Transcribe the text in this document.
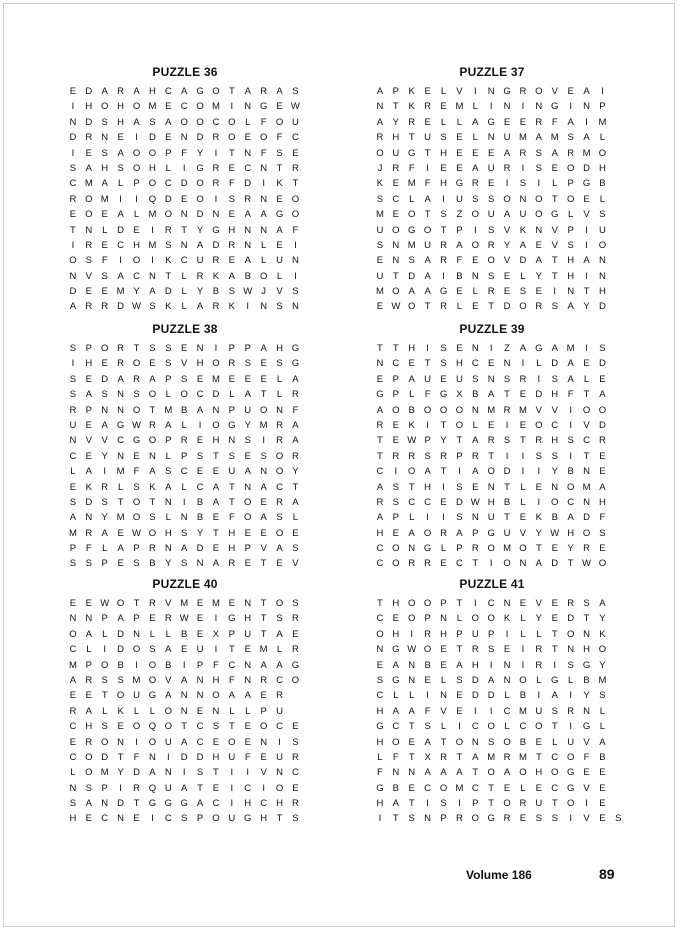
PUZZLE 36
E D A R A H C A G O T	A R A	S
I	H O H O M E C O M	I	N G E W
N D S H A	S	A O O C O	L	F O U
D R N E	I	D E N D R O E O F	C
I	E	S	A O O P	F	Y	I	T	N	F	S	E
S	A H S O H	L	I	G R E C N	T	R
C M A	L	P O C D O R	F	D	I	K	T
R O M	I	I	Q D E O	I	S R N E O
E O E	A	L M O N D N E	A	A G O
T	N	L	D E	I	R	T	Y G H N N A	F
I	R E C H M S N A D R N	L	E	I
O S	F	I	O	I	K C U R E	A	L	U N
N V	S	A C N	T	L	R K	A	B O	L	I
D E	E M Y	A D	L	Y	B	S W J	V	S
A R R D W S	K	L	A R K	I	N S N
PUZZLE 37
A	P	K	E	L	V	I	N G R O V	E	A	I
N	T	K R E M L	I	N	I	N G	I	N P
A	Y R E	L	L	A G E	E R	F	A	I	M
R H	T	U S	E	L	N U M A M S	A	L
O U G T	H E	E	E	A R S	A R M O
J	R	F	I	E	E	A U R	I	S	E O D H
K	E M F	H G R E	I	S	I	L	P G B
S C	L	A	I	U S	S O N O T O E	L
M E O T	S	Z O U A U O G	L	V	S
U O G O T	P	I	S	V	K N V	P	I	U
S N M U R A O R Y	A	E	V	S	I	O
E N S	A R	F	E O V D A	T	H A N
U	T	D A	I	B N S	E	L	Y	T	H	I	N
M O A	A G E	L	R E	S	E	I	N	T	H
E W O T	R	L	E	T	D O R S	A	Y D
PUZZLE 38
S	P O R	T	S	S	E N	I	P	P	A H G
I	H E R O E	S	V H O R S	E	S G
S	E D A R A	P	S	E M E	E	E	L	A
S	A	S N S O	L	O C D	L	A	T	L	R
R P N N O T M B	A N P U O N	F
U E	A G W R A	L	I	O G Y M R A
N V	V C G O P R E H N S	I	R A
C E	Y N E N	L	P	S	T	S	E	S O R
L	A	I	M F	A	S C E	E U A N O Y
E	K R	L	S	K	A	L	C A	T	N A C	T
S D S	T O T	N	I	B	A	T O E R A
A N Y M O S	L	N B	E	F O A	S	L
M R A	E W O H S	Y	T	H E	E O E
P	F	L	A	P R N A D E H P	V	A	S
S	S	P	E	S	B	Y	S N A R E	T	E	V
PUZZLE 39
T	T	H	I	S	E N	I	Z	A G A M	I	S
N C E	T	S H C E N	I	L	D A	E D
E	P	A U E U S N S R	I	S	A	L	E
G P	L	F G X	B	A	T	E D H	F	T	A
A O B O O O N M R M V	V	I	O O
R E	K	I	T O	L	E	I	E O C	I	V D
T	E W P	Y	T	A R S	T	R H S C R
T	R R S R P R	T	I	I	S	S	I	T	E
C	I	O A	T	I	A O D	I	I	Y	B N E
A	S	T	H	I	S	E N	T	L	E N O M A
R S C C E D W H B	L	I	O C N H
A	P	L	I	I	S N U	T	E	K	B	A D	F
H E	A O R A	P G U V	Y W H O S
C O N G	L	P R O M O T	E	Y R E
C O R R E C	T	I	O N A D	T W O
PUZZLE 40
E	E W O T	R V M E M E N	T O S
N N P	A	P	E R W E	I	G H	T	S R
O A	L	D N	L	L	B	E	X	P U	T	A	E
C	L	I	D O S	A	E U	I	T	E M L	R
M P O B	I	O B	I	P	F	C N A	A G
A R S	S M O V	A N H	F	N R C O
E	E	T O U G A N N O A	A	E R
R A	L	K	L	L	O N E N	L	L	P U
C H S	E O Q O T	C S	T	E O C E
E R O N	I	O U A C E O E N	I	S
C O D	T	F	N	I	D D H U	F	E U R
L	O M Y D A N	I	S	T	I	I	V N C
N S	P	I	R Q U A	T	E	I	C	I	O E
S	A N D	T G G G A C	I	H C H R
H E C N E	I	C S	P O U G H	T	S
PUZZLE 41
T	H O O P	T	I	C N E	V	E R S	A
C E O P N	L	O O K	L	Y	E D	T	Y
O H	I	R H P U P	I	L	L	T O N K
N G W O E	T	R S	E	I	R	T	N H O
E	A N B	E	A H	I	N	I	R	I	S G Y
S G N E	L	S D A N O	L	G	L	B M
C	L	L	I	N E D D	L	B	I	A	I	Y	S
H A	A	F	V	E	I	I	C M U S R N	L
G C	T	S	L	I	C O	L	C O T	I	G	L
H O E	A	T O N S O B	E	L	U V	A
L	F	T	X R	T	A M R M T	C O F	B
F	N N A	A	A	T O A O H O G E	E
G B	E C O M C	T	E	L	E C G V	E
H A	T	I	S	I	P	T O R U	T O	I	E
I	T	S N P R O G R E	S	S	I	V	E	S
Volume 186	89
